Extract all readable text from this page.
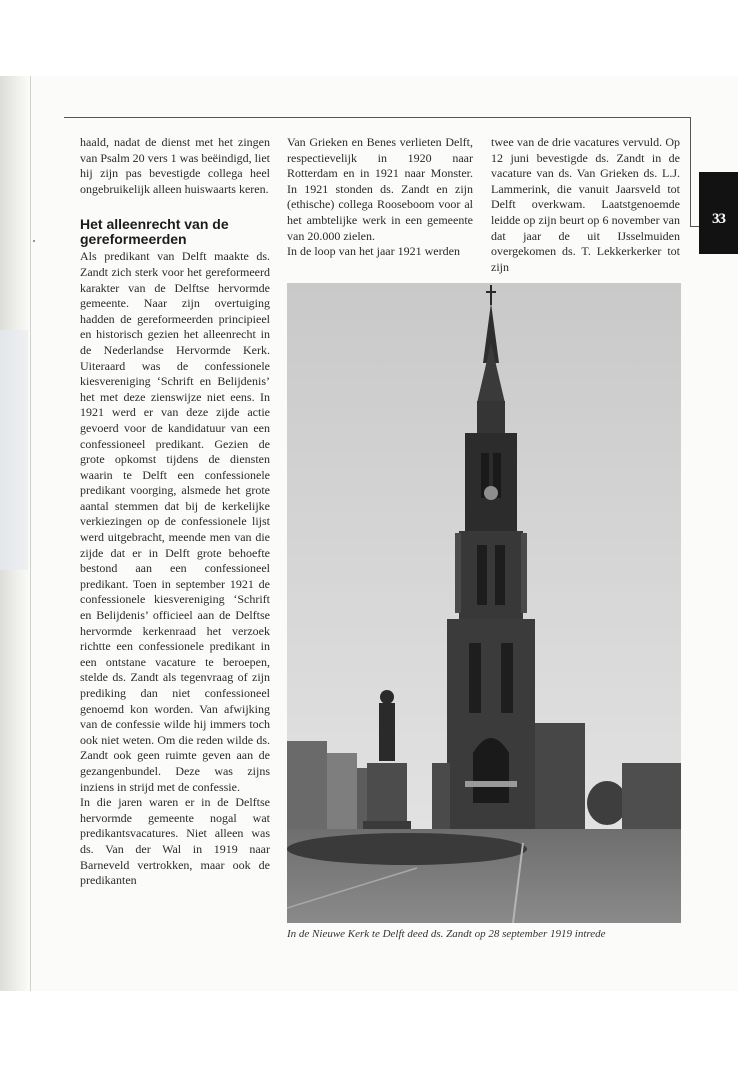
33

haald, nadat de dienst met het zingen van Psalm 20 vers 1 was beëindigd, liet hij zijn pas bevestigde collega heel ongebruikelijk alleen huiswaarts keren.

Het alleenrecht van de gereformeerden

Als predikant van Delft maakte ds. Zandt zich sterk voor het gereformeerd karakter van de Delftse hervormde gemeente. Naar zijn overtuiging hadden de gereformeerden principieel en historisch gezien het alleenrecht in de Nederlandse Hervormde Kerk. Uiteraard was de confessionele kiesvereniging ‘Schrift en Belijdenis’ het met deze zienswijze niet eens. In 1921 werd er van deze zijde actie gevoerd voor de kandidatuur van een confessioneel predikant. Gezien de grote opkomst tijdens de diensten waarin te Delft een confessionele predikant voorging, alsmede het grote aantal stemmen dat bij de kerkelijke verkiezingen op de confessionele lijst werd uitgebracht, meende men van die zijde dat er in Delft grote behoefte bestond aan een confessioneel predikant. Toen in september 1921 de confessionele kiesvereniging ‘Schrift en Belijdenis’ officieel aan de Delftse hervormde kerkenraad het verzoek richtte een confessionele predikant in een ontstane vacature te beroepen, stelde ds. Zandt als tegenvraag of zijn prediking dan niet confessioneel genoemd kon worden. Van afwijking van de confessie wilde hij immers toch ook niet weten. Om die reden wilde ds. Zandt ook geen ruimte geven aan de gezangenbundel. Deze was zijns inziens in strijd met de confessie.

In die jaren waren er in de Delftse hervormde gemeente nogal wat predikantsvacatures. Niet alleen was ds. Van der Wal in 1919 naar Barneveld vertrokken, maar ook de predikanten

Van Grieken en Benes verlieten Delft, respectievelijk in 1920 naar Rotterdam en in 1921 naar Monster. In 1921 stonden ds. Zandt en zijn (ethische) collega Rooseboom voor al het ambtelijke werk in een gemeente van 20.000 zielen.

In de loop van het jaar 1921 werden

twee van de drie vacatures vervuld. Op 12 juni bevestigde ds. Zandt in de vacature van ds. Van Grieken ds. L.J. Lammerink, die vanuit Jaarsveld tot Delft overkwam. Laatstgenoemde leidde op zijn beurt op 6 november van dat jaar de uit IJsselmuiden overgekomen ds. T. Lekkerkerker tot zijn

In de Nieuwe Kerk te Delft deed ds. Zandt op 28 september 1919 intrede
